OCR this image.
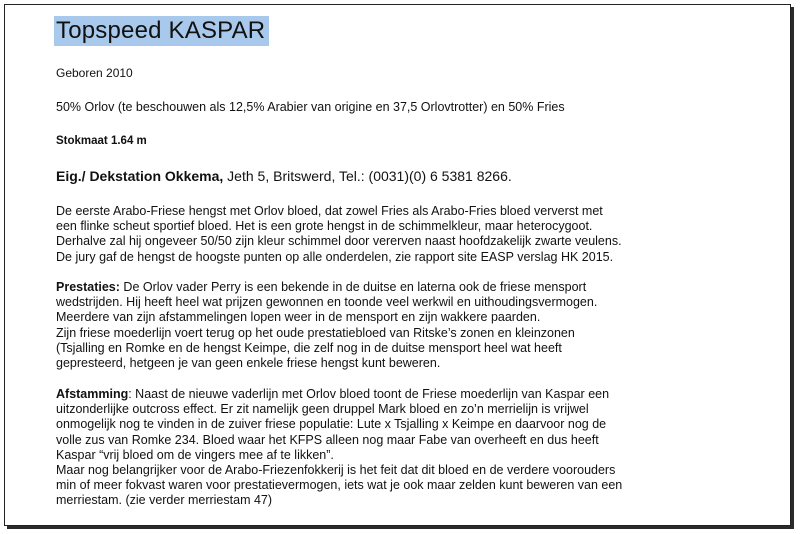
Topspeed KASPAR
Geboren 2010
50% Orlov (te beschouwen als 12,5% Arabier van origine en 37,5 Orlovtrotter) en 50% Fries
Stokmaat 1.64 m
Eig./ Dekstation Okkema, Jeth 5, Britswerd, Tel.: (0031)(0) 6 5381 8266.
De eerste Arabo-Friese hengst met Orlov bloed, dat zowel Fries als Arabo-Fries bloed ververst met
een flinke scheut sportief bloed. Het is een grote hengst in de schimmelkleur, maar heterocygoot.
Derhalve zal hij ongeveer 50/50 zijn kleur schimmel door vererven naast hoofdzakelijk zwarte veulens.
De jury gaf de hengst de hoogste punten op alle onderdelen, zie rapport site EASP verslag HK 2015.
Prestaties: De Orlov vader Perry is een bekende in de duitse en laterna ook de friese mensport
wedstrijden. Hij heeft heel wat prijzen gewonnen en toonde veel werkwil en uithoudingsvermogen.
Meerdere van zijn afstammelingen lopen weer in de mensport en zijn wakkere paarden.
Zijn friese moederlijn voert terug op het oude prestatiebloed van Ritske’s zonen en kleinzonen
(Tsjalling en Romke en de hengst Keimpe, die zelf nog in de duitse mensport heel wat heeft
gepresteerd, hetgeen je van geen enkele friese hengst kunt beweren.
Afstamming: Naast de nieuwe vaderlijn met Orlov bloed toont de Friese moederlijn van Kaspar een
uitzonderlijke outcross effect. Er zit namelijk geen druppel Mark bloed en zo’n merrielijn is vrijwel
onmogelijk nog te vinden in de zuiver friese populatie: Lute x Tsjalling x Keimpe en daarvoor nog de
volle zus van Romke 234. Bloed waar het KFPS alleen nog maar Fabe van overheeft en dus heeft
Kaspar “vrij bloed om de vingers mee af te likken”.
Maar nog belangrijker voor de Arabo-Friezenfokkerij is het feit dat dit bloed en de verdere voorouders
min of meer fokvast waren voor prestatievermogen, iets wat je ook maar zelden kunt beweren van een
merriestam. (zie verder merriestam 47)
